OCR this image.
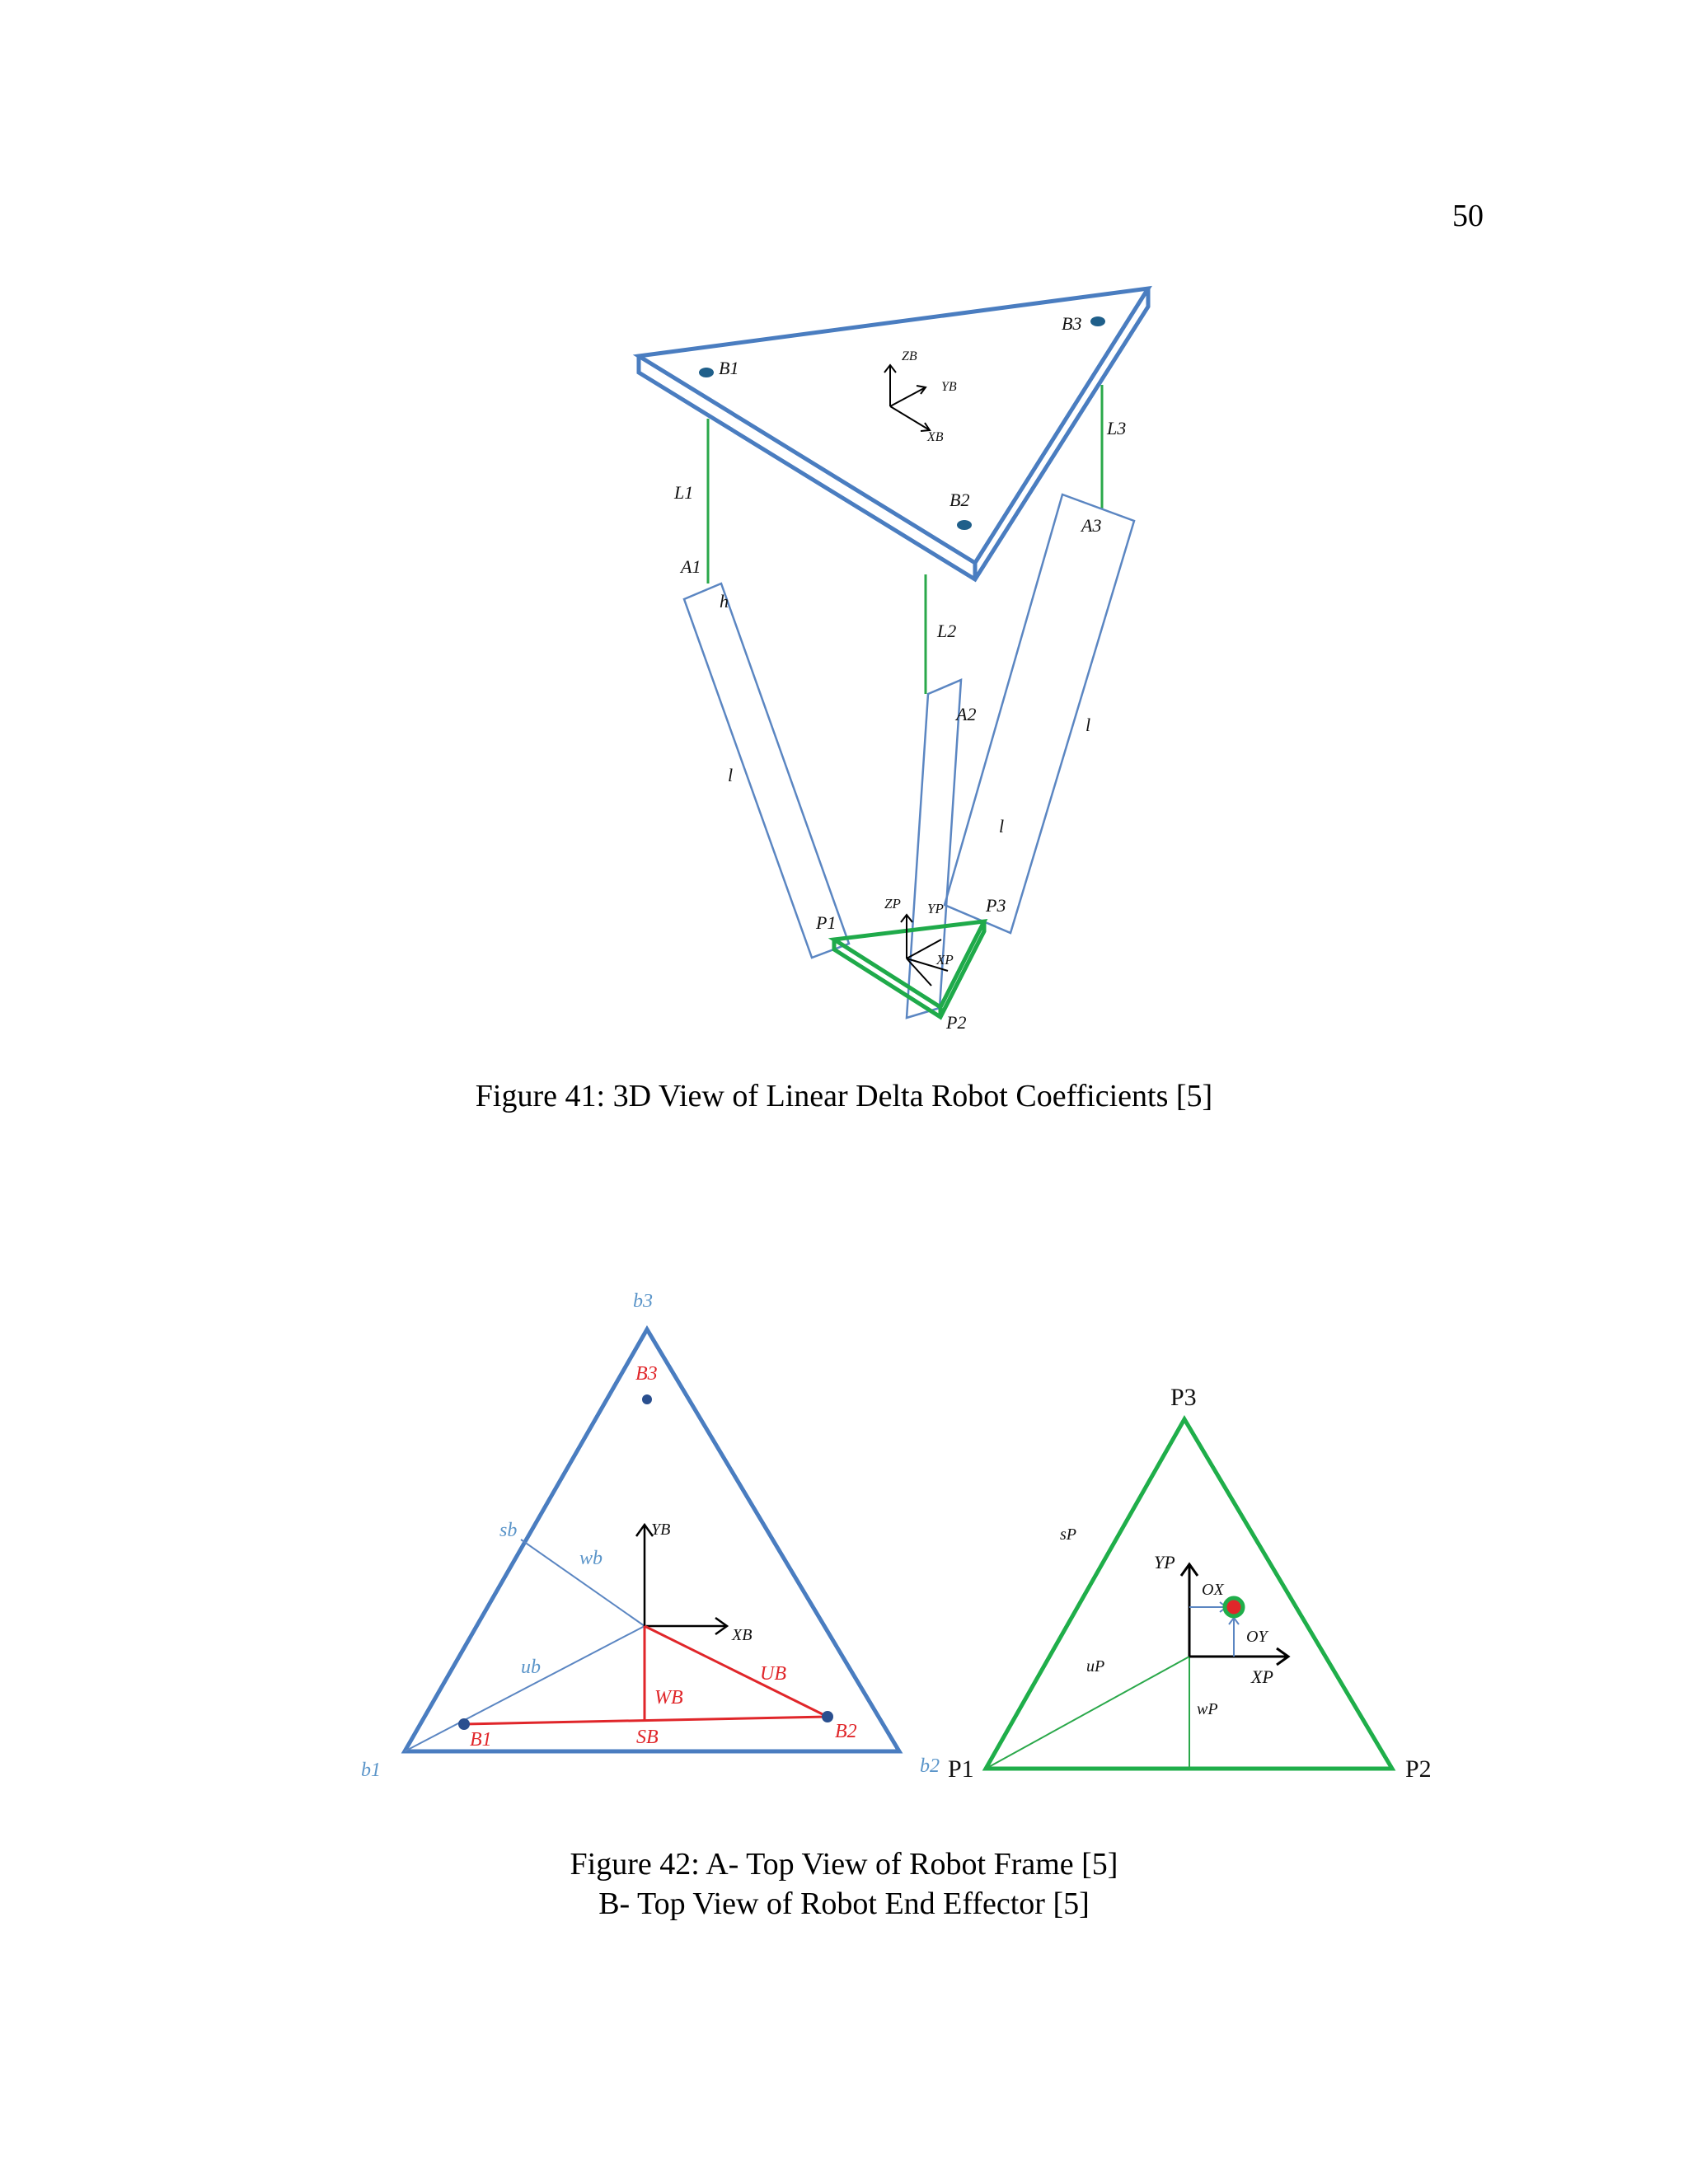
50
B1
B2
B3
ZB
YB
XB
L1
L2
L3
A1
A2
A3
h
l
l
l
P1
P2
P3
ZP YP
XP
Figure 41: 3D View of Linear Delta Robot Coefficients [5]
b1	b2
b3
B1	B2
B3
sb
wb
ub
YB
XB
UB
WB
SB
P1	P2
P3
sP
uP
wP
YP
XP
OX
OY
Figure 42: A- Top View of Robot Frame [5]
B- Top View of Robot End Effector [5]
